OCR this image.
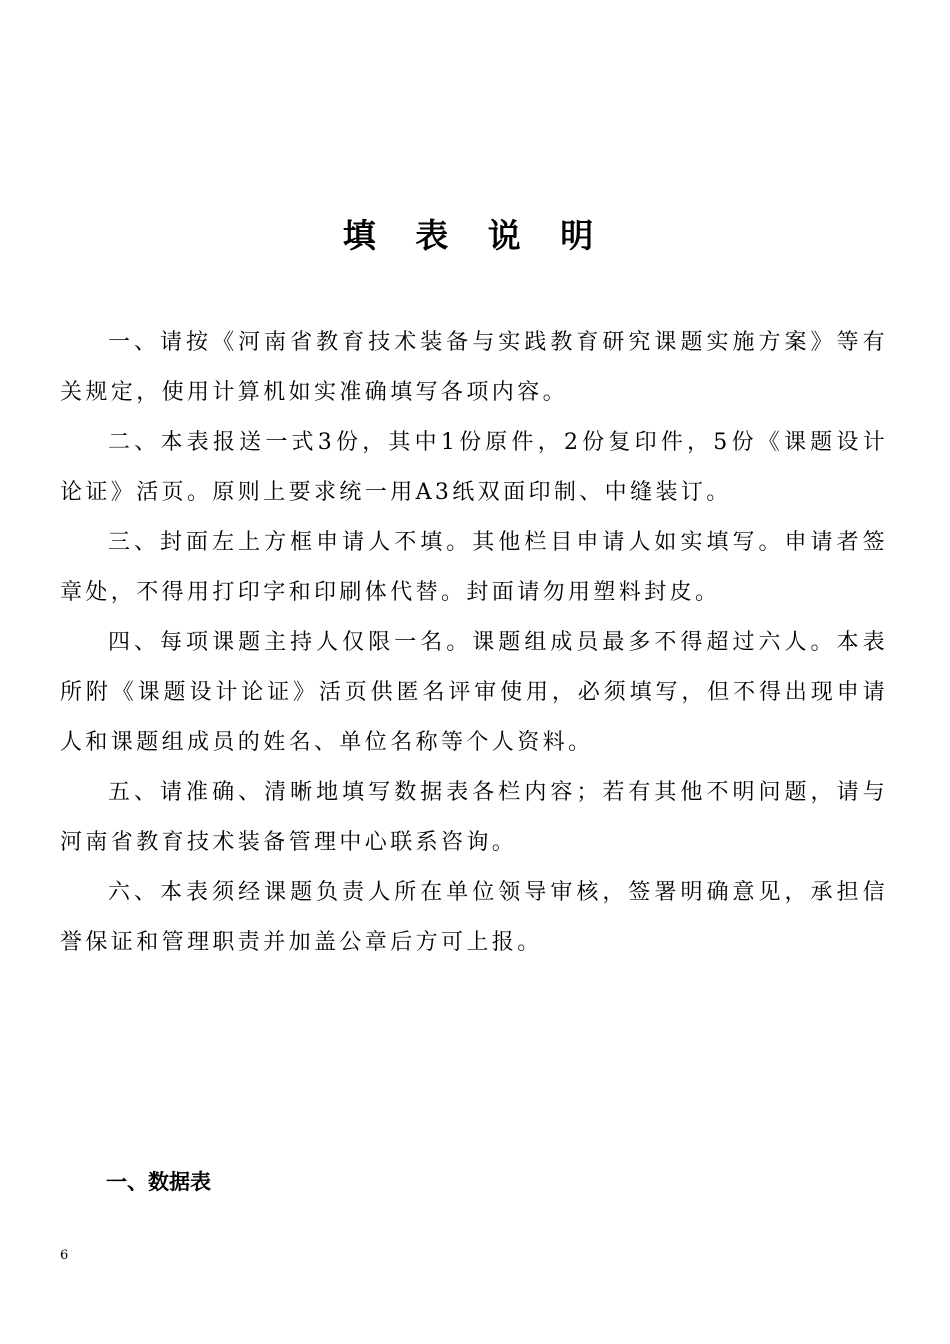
填 表 说 明

一、请按《河南省教育技术装备与实践教育研究课题实施方案》等有关规定，使用计算机如实准确填写各项内容。

二、本表报送一式3份，其中1份原件，2份复印件，5份《课题设计论证》活页。原则上要求统一用A3纸双面印制、中缝装订。

三、封面左上方框申请人不填。其他栏目申请人如实填写。申请者签章处，不得用打印字和印刷体代替。封面请勿用塑料封皮。

四、每项课题主持人仅限一名。课题组成员最多不得超过六人。本表所附《课题设计论证》活页供匿名评审使用，必须填写，但不得出现申请人和课题组成员的姓名、单位名称等个人资料。

五、请准确、清晰地填写数据表各栏内容；若有其他不明问题，请与河南省教育技术装备管理中心联系咨询。

六、本表须经课题负责人所在单位领导审核，签署明确意见，承担信誉保证和管理职责并加盖公章后方可上报。

一、数据表
6
